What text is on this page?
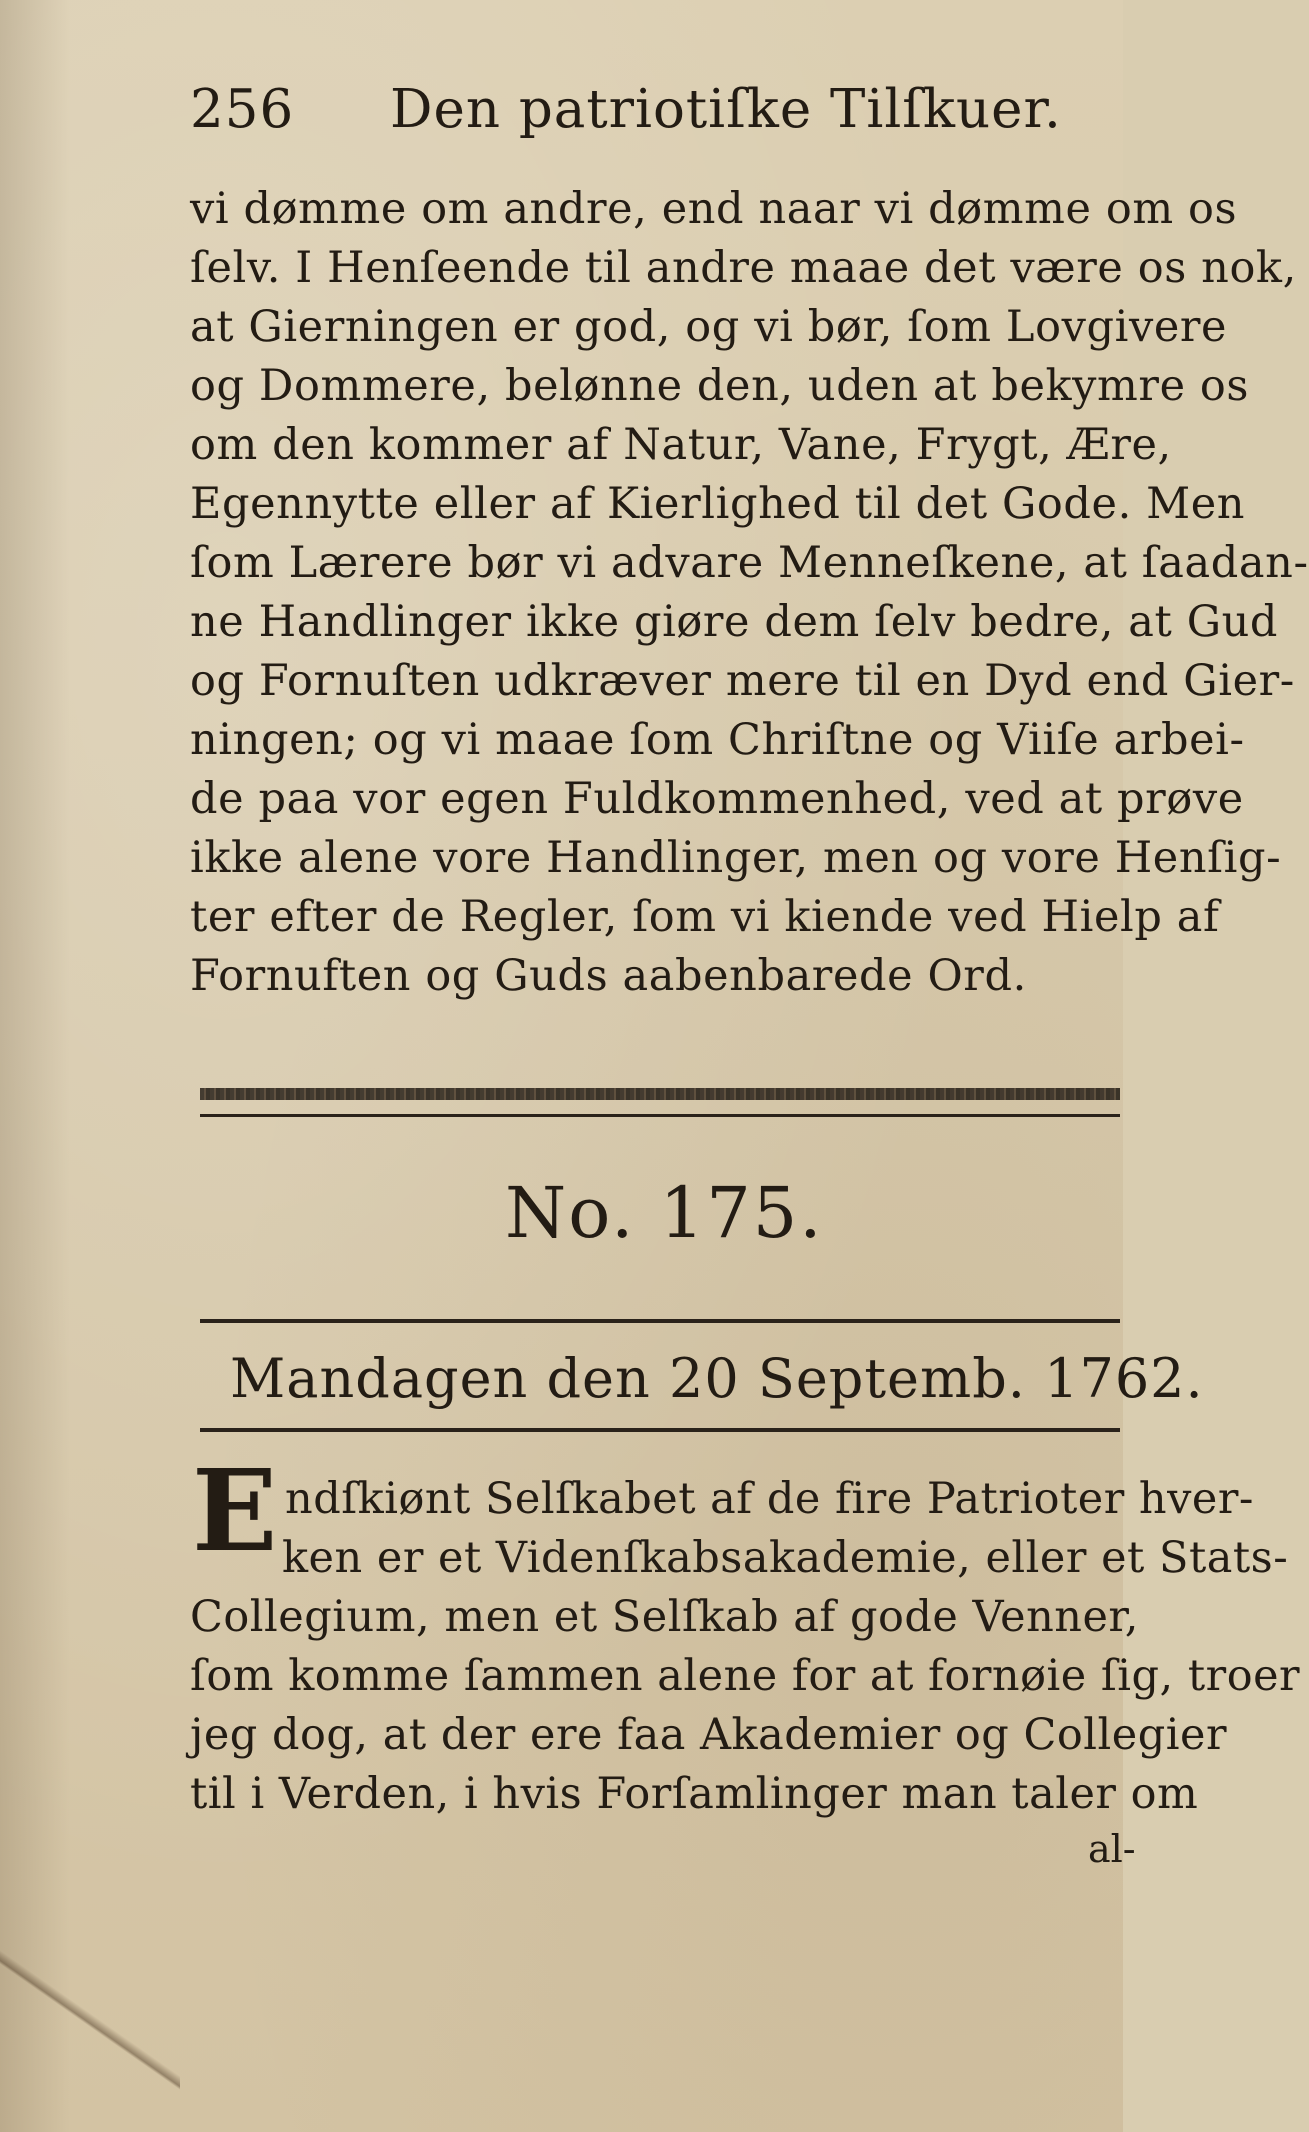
256 Den patriotiſke Tilſkuer.
vi dømme om andre, end naar vi dømme om os
ſelv. I Henſeende til andre maae det være os nok,
at Gierningen er god, og vi bør, ſom Lovgivere
og Dommere, belønne den, uden at bekymre os
om den kommer af Natur, Vane, Frygt, Ære,
Egennytte eller af Kierlighed til det Gode. Men
ſom Lærere bør vi advare Menneſkene, at ſaadan-
ne Handlinger ikke giøre dem ſelv bedre, at Gud
og Fornuſten udkræver mere til en Dyd end Gier-
ningen; og vi maae ſom Chriſtne og Viiſe arbei-
de paa vor egen Fuldkommenhed, ved at prøve
ikke alene vore Handlinger, men og vore Henſig-
ter efter de Regler, ſom vi kiende ved Hielp af
Fornuften og Guds aabenbarede Ord.
No. 175.
Mandagen den 20 Septemb. 1762.
E ndſkiønt Selſkabet af de fire Patrioter hver-
ken er et Videnſkabsakademie, eller et Stats-
Collegium, men et Selſkab af gode Venner,
ſom komme ſammen alene for at fornøie ſig, troer
jeg dog, at der ere faa Akademier og Collegier
til i Verden, i hvis Forſamlinger man taler om
al-
